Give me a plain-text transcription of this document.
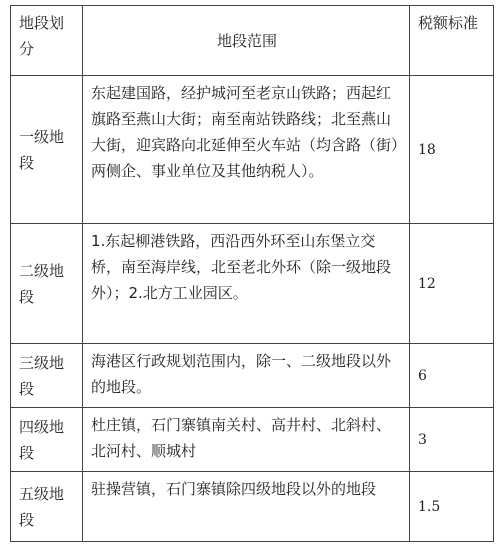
地段划分	地段范围	税额标准
一级地段	东起建国路，经护城河至老京山铁路；西起红旗路至燕山大街；南至南站铁路线；北至燕山大街，迎宾路向北延伸至火车站（均含路（街）两侧企、事业单位及其他纳税人）。	18
二级地段	1.东起柳港铁路，西沿西外环至山东堡立交桥，南至海岸线，北至老北外环（除一级地段外）；2.北方工业园区。	12
三级地段	海港区行政规划范围内，除一、二级地段以外的地段。	6
四级地段	杜庄镇，石门寨镇南关村、高井村、北斜村、北河村、顺城村	3
五级地段	驻操营镇，石门寨镇除四级地段以外的地段	1.5
